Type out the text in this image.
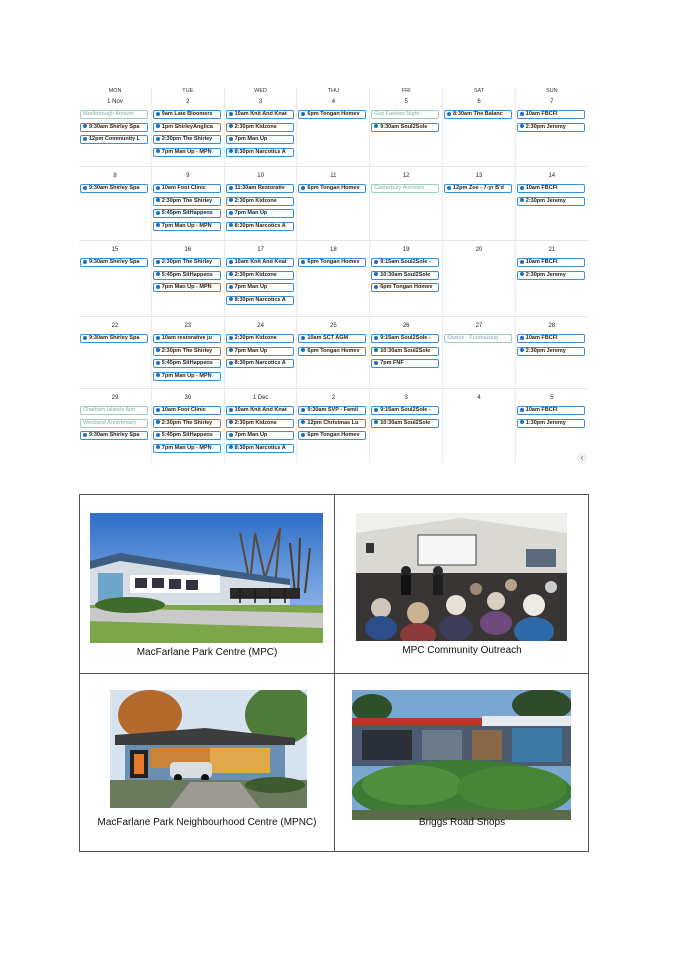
MON	TUE	WED	THU	FRI	SAT	SUN
1 Nov
Marlborough Anniver
9:30am Shirley Spa
12pm Community L
2
9am Late Bloomers
1pm ShirleyAnglica
2:30pm The Shirley
7pm Man Up - MPN
3
10am Knit And Knat
2:30pm Kidzone
7pm Man Up
8:30pm Narcotics A
4
6pm Tongan Homev
5
Guy Fawkes Night
9:30am Soul2Sole
6
8:30am The Balanc
7
10am FBCFI
2:30pm Jeremy
8
9:30am Shirley Spa
9
10am Foot Clinic
2:30pm The Shirley
5:45pm SitHappens
7pm Man Up - MPN
10
11:30am Restorativ
2:30pm Kidzone
7pm Man Up
8:30pm Narcotics A
11
6pm Tongan Homev
12
Canterbury Annivers
13
12pm Zoe - 7-yr B'd
14
10am FBCFI
2:30pm Jeremy
15
9:30am Shirley Spa
16
2:30pm The Shirley
5:45pm SitHappens
7pm Man Up - MPN
17
10am Knit And Knat
2:30pm Kidzone
7pm Man Up
8:30pm Narcotics A
18
6pm Tongan Homev
19
9:15am Soul2Sole -
10:30am Soul2Sole
6pm Tongan Homev
20	21
10am FBCFI
2:30pm Jeremy
22
9:30am Shirley Spa
23
10am restorative ju
2:30pm The Shirley
5:45pm SitHappens
7pm Man Up - MPN
24
2:30pm Kidzone
7pm Man Up
8:30pm Narcotics A
25
10am SCT AGM
6pm Tongan Homev
26
9:15am Soul2Sole -
10:30am Soul2Sole
7pm FNF
27
Sharye - Fundraising
28
10am FBCFI
2:30pm Jeremy
29
Chatham Islands Ann
Westland Anniversary
9:30am Shirley Spa
30
10am Foot Clinic
2:30pm The Shirley
5:45pm SitHappens
7pm Man Up - MPN
1 Dec
10am Knit And Knat
2:30pm Kidzone
7pm Man Up
8:30pm Narcotics A
2
9:30am SVP - Famil
12pm Christmas Lu
6pm Tongan Homev
3
9:15am Soul2Sole -
10:30am Soul2Sole
4	5
10am FBCFI
1:30pm Jeremy
‹
MacFarlane Park Centre (MPC)	MPC Community Outreach
MacFarlane Park Neighbourhood Centre (MPNC)	Briggs Road Shops
